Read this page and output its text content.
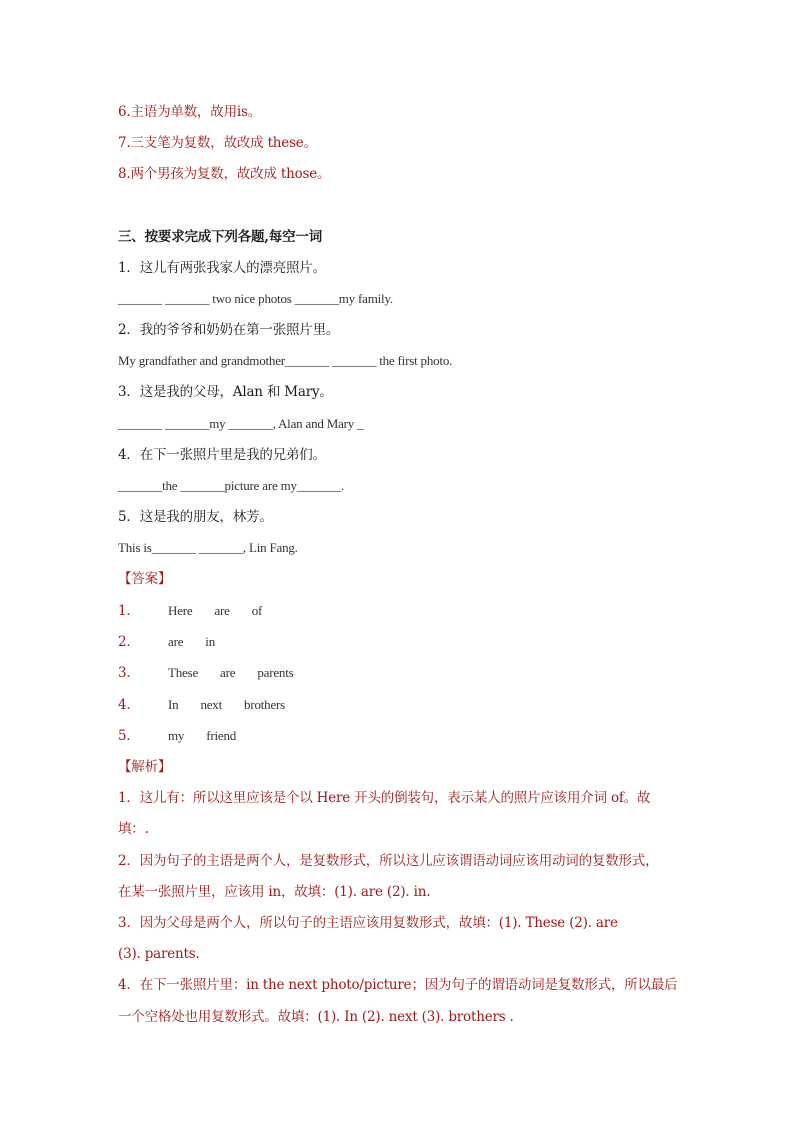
6.主语为单数，故用is。
7.三支笔为复数，故改成 these。
8.两个男孩为复数，故改成 those。
三、按要求完成下列各题,每空一词
1．这儿有两张我家人的漂亮照片。
_______ _______ two nice photos _______my family.
2．我的爷爷和奶奶在第一张照片里。
My grandfather and grandmother_______ _______ the first photo.
3．这是我的父母，Alan 和 Mary。
_______ _______my _______, Alan and Mary _
4．在下一张照片里是我的兄弟们。
_______the _______picture are my_______.
5．这是我的朋友，林芳。
This is_______ _______, Lin Fang.
【答案】
1． Here are of
2． are in
3． These are parents
4． In next brothers
5． my friend
【解析】
1．这儿有：所以这里应该是个以 Here 开头的倒装句，表示某人的照片应该用介词 of。故
填：.
2．因为句子的主语是两个人，是复数形式，所以这儿应该谓语动词应该用动词的复数形式，
在某一张照片里，应该用 in，故填：(1). are (2). in.
3．因为父母是两个人，所以句子的主语应该用复数形式，故填：(1). These (2). are
(3). parents.
4．在下一张照片里：in the next photo/picture；因为句子的谓语动词是复数形式，所以最后
一个空格处也用复数形式。故填：(1). In (2). next (3). brothers .
